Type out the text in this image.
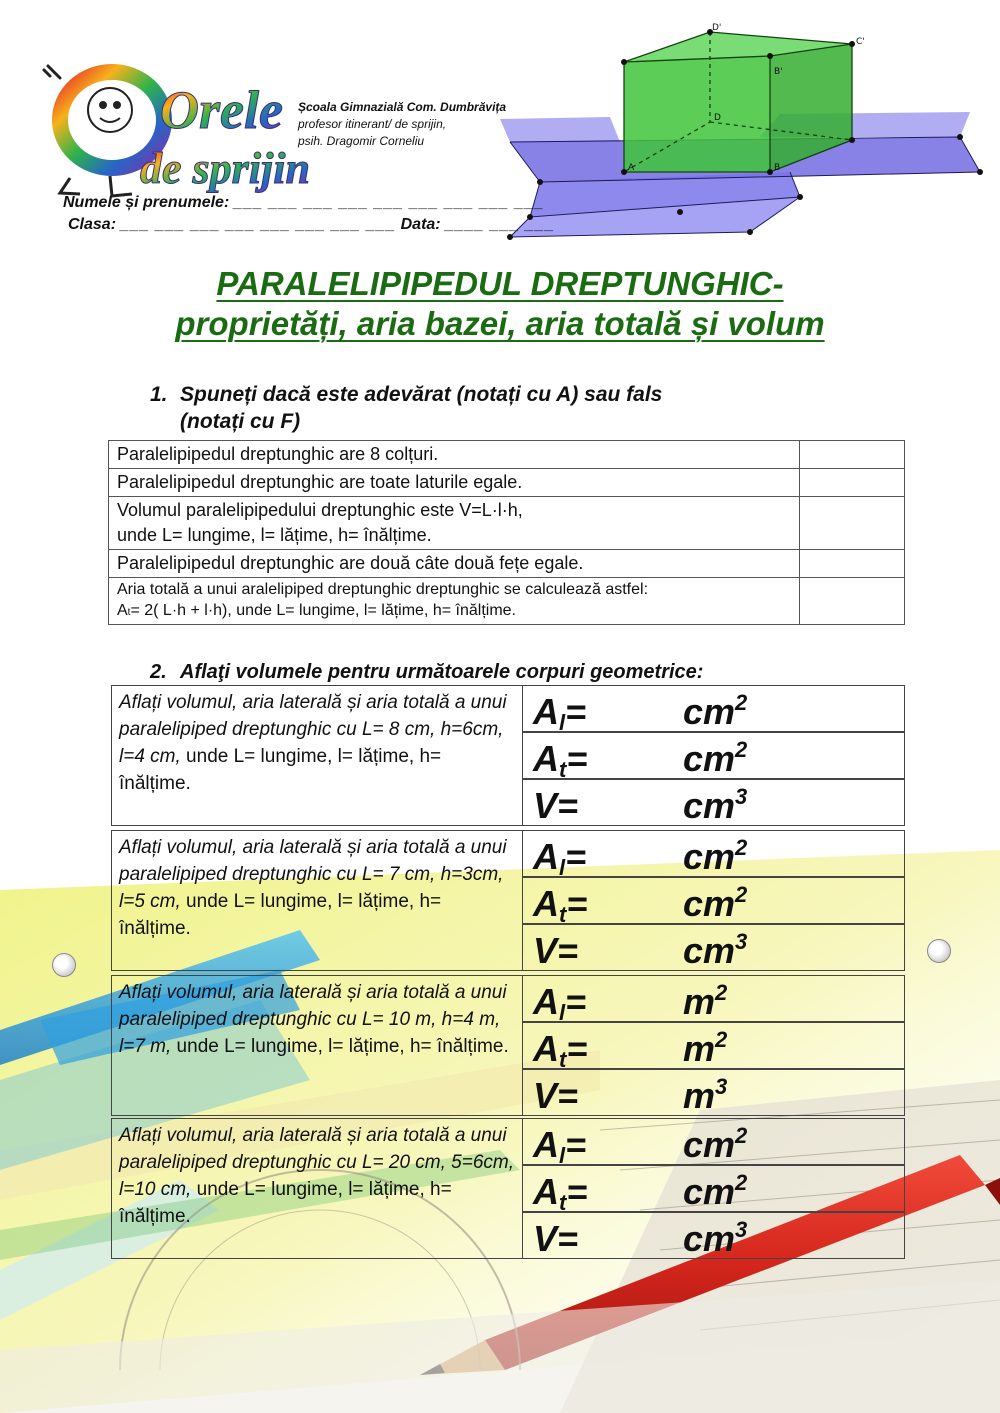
Orele
de sprijin
D'
C'
B'
D
A	B
Școala Gimnazială Com. Dumbrăvița
profesor itinerant/ de sprijin,
psih. Dragomir Corneliu
Numele și prenumele: ___ ___ ___ ___ ___ ___ ___ ___ ___
Clasa: ___ ___ ___ ___ ___ ___ ___ ___ Data: ____ ___ ___
PARALELIPIPEDUL DREPTUNGHIC-
proprietăți, aria bazei, aria totală și volum
1. Spuneți dacă este adevărat (notați cu A) sau fals
(notați cu F)
Paralelipipedul dreptunghic are 8 colțuri.	
Paralelipipedul dreptunghic are toate laturile egale.	

Volumul paralelipipedului dreptunghic este V=L·l·h,
unde L= lungime, l= lățime, h= înălțime.	

Paralelipipedul dreptunghic are două câte două fețe egale.	

Aria totală a unui aralelipiped dreptunghic dreptunghic se calculează astfel:
At= 2( L·h + l·h), unde L= lungime, l= lățime, h= înălțime.	

2. Aflaţi volumele pentru următoarele corpuri geometrice:
Aflați volumul, aria laterală și aria totală a unui paralelipiped dreptunghic cu L= 8 cm, h=6cm, l=4 cm, unde L= lungime, l= lățime, h= înălțime.
$A_l=$	$cm^2$
$A_t=$	$cm^2$
V=	$cm^3$
Aflați volumul, aria laterală și aria totală a unui paralelipiped dreptunghic cu L= 7 cm, h=3cm, l=5 cm, unde L= lungime, l= lățime, h= înălțime.
$A_l=$	$cm^2$
$A_t=$	$cm^2$
V=	$cm^3$
Aflați volumul, aria laterală și aria totală a unui paralelipiped dreptunghic cu L= 10 m, h=4 m, l=7 m, unde L= lungime, l= lățime, h= înălțime.
$A_l=$	$m^2$
$A_t=$	$m^2$
V=	$m^3$
Aflați volumul, aria laterală și aria totală a unui paralelipiped dreptunghic cu L= 20 cm, 5=6cm, l=10 cm, unde L= lungime, l= lățime, h= înălțime.
$A_l=$	$cm^2$
$A_t=$	$cm^2$
V=	$cm^3$
